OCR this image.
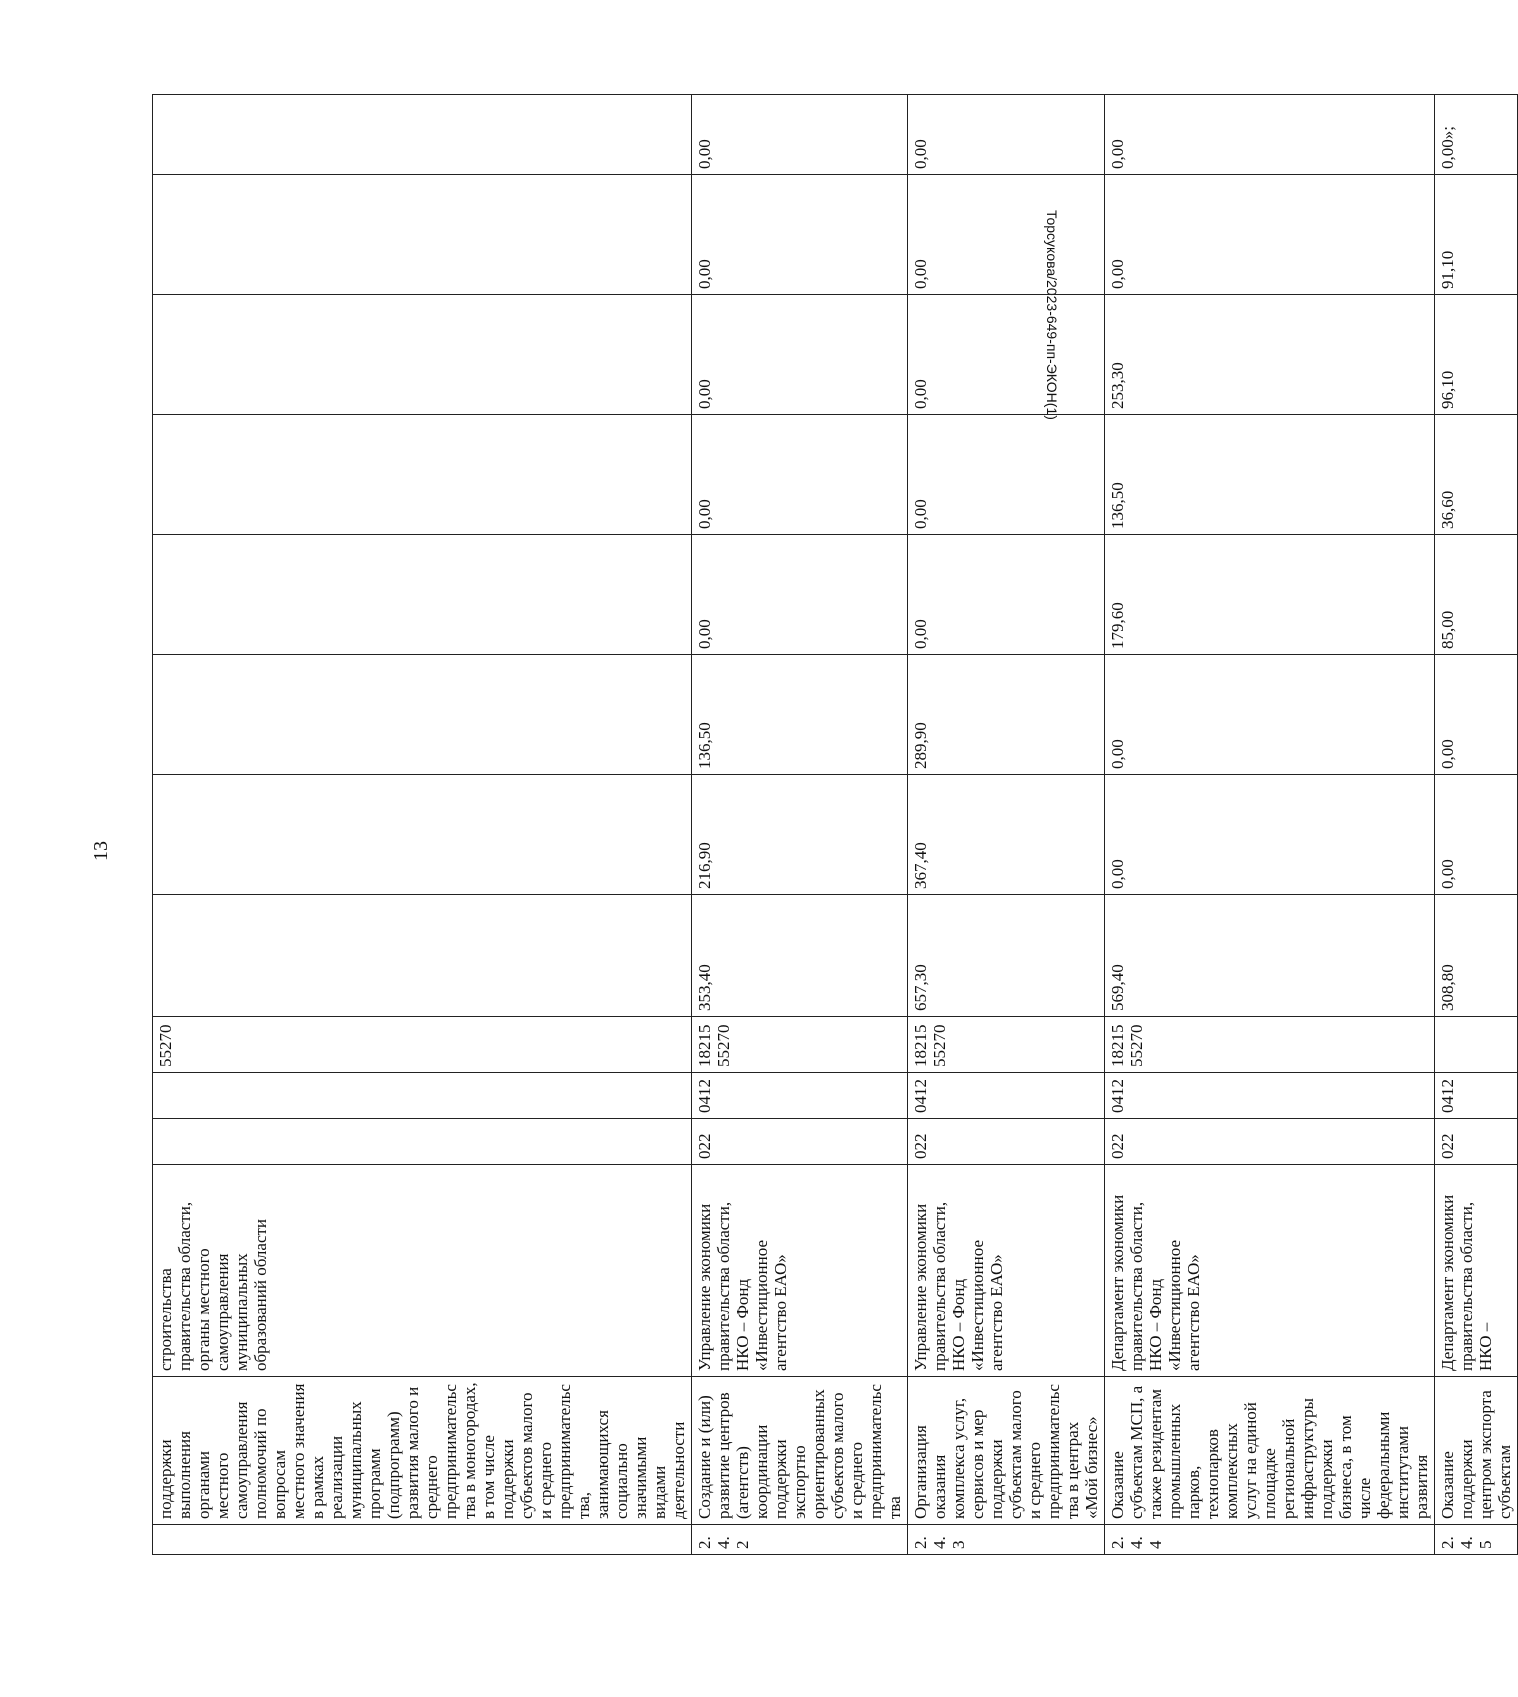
13
Торсукова/2023-649-пп-ЭКОН(1)
	поддержки выполнения органами местного самоуправления полномочий по вопросам местного значения в рамках реализации муниципальных программ (подпрограмм) развития малого и среднего предпринимательства в моногородах, в том числе поддержки субъектов малого и среднего предпринимательства, занимающихся социально значимыми видами деятельности	строительства правительства области, органы местного самоуправления муниципальных образований области			55270								

2.4.2	Создание и (или) развитие центров (агентств) координации поддержки экспортно ориентированных субъектов малого и среднего предпринимательства	Управление экономики правительства области, НКО – Фонд «Инвестиционное агентство ЕАО»	022	0412	18215 55270	353,40	216,90	136,50	0,00	0,00	0,00	0,00	0,00
2.4.3	Организация оказания комплекса услуг, сервисов и мер поддержки субъектам малого и среднего предпринимательства в центрах «Мой бизнес»	Управление экономики правительства области, НКО – Фонд «Инвестиционное агентство ЕАО»	022	0412	18215 55270	657,30	367,40	289,90	0,00	0,00	0,00	0,00	0,00
2.4.4	Оказание субъектам МСП, а также резидентам промышленных парков, технопарков комплексных услуг на единой площадке региональной инфраструктуры поддержки бизнеса, в том числе федеральными институтами развития	Департамент экономики правительства области, НКО – Фонд «Инвестиционное агентство ЕАО»	022	0412	18215 55270	569,40	0,00	0,00	179,60	136,50	253,30	0,00	0,00
2.4.5	Оказание поддержки центром экспорта субъектам	Департамент экономики правительства области, НКО –	022	0412		308,80	0,00	0,00	85,00	36,60	96,10	91,10	0,00»;
